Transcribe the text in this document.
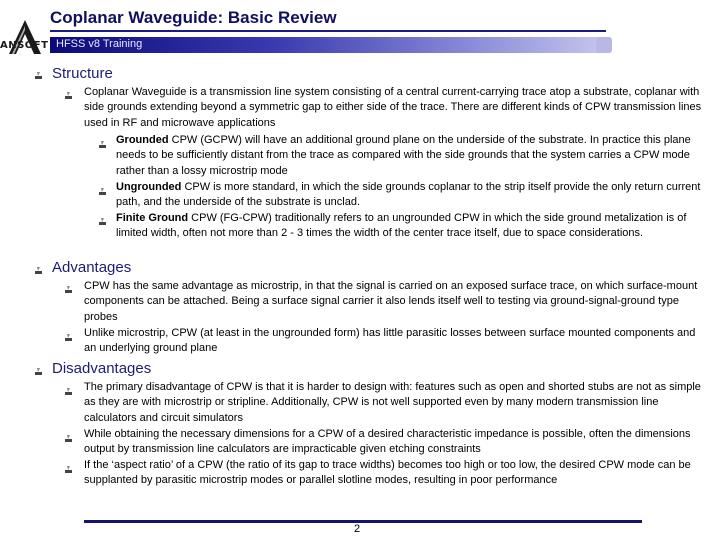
ANSOFT
Coplanar Waveguide: Basic Review
HFSS v8 Training
Structure
Coplanar Waveguide is a transmission line system consisting of a central current-carrying trace atop a substrate, coplanar with side grounds extending beyond a symmetric gap to either side of the trace. There are different kinds of CPW transmission lines used in RF and microwave applications
Grounded CPW (GCPW) will have an additional ground plane on the underside of the substrate. In practice this plane needs to be sufficiently distant from the trace as compared with the side grounds that the system carries a CPW mode rather than a lossy microstrip mode
Ungrounded CPW is more standard, in which the side grounds coplanar to the strip itself provide the only return current path, and the underside of the substrate is unclad.
Finite Ground CPW (FG-CPW) traditionally refers to an ungrounded CPW in which the side ground metalization is of limited width, often not more than 2 - 3 times the width of the center trace itself, due to space considerations.
Advantages
CPW has the same advantage as microstrip, in that the signal is carried on an exposed surface trace, on which surface-mount components can be attached. Being a surface signal carrier it also lends itself well to testing via ground-signal-ground type probes
Unlike microstrip, CPW (at least in the ungrounded form) has little parasitic losses between surface mounted components and an underlying ground plane
Disadvantages
The primary disadvantage of CPW is that it is harder to design with: features such as open and shorted stubs are not as simple as they are with microstrip or stripline. Additionally, CPW is not well supported even by many modern transmission line calculators and circuit simulators
While obtaining the necessary dimensions for a CPW of a desired characteristic impedance is possible, often the dimensions output by transmission line calculators are impracticable given etching constraints
If the ‘aspect ratio’ of a CPW (the ratio of its gap to trace widths) becomes too high or too low, the desired CPW mode can be supplanted by parasitic microstrip modes or parallel slotline modes, resulting in poor performance
2
